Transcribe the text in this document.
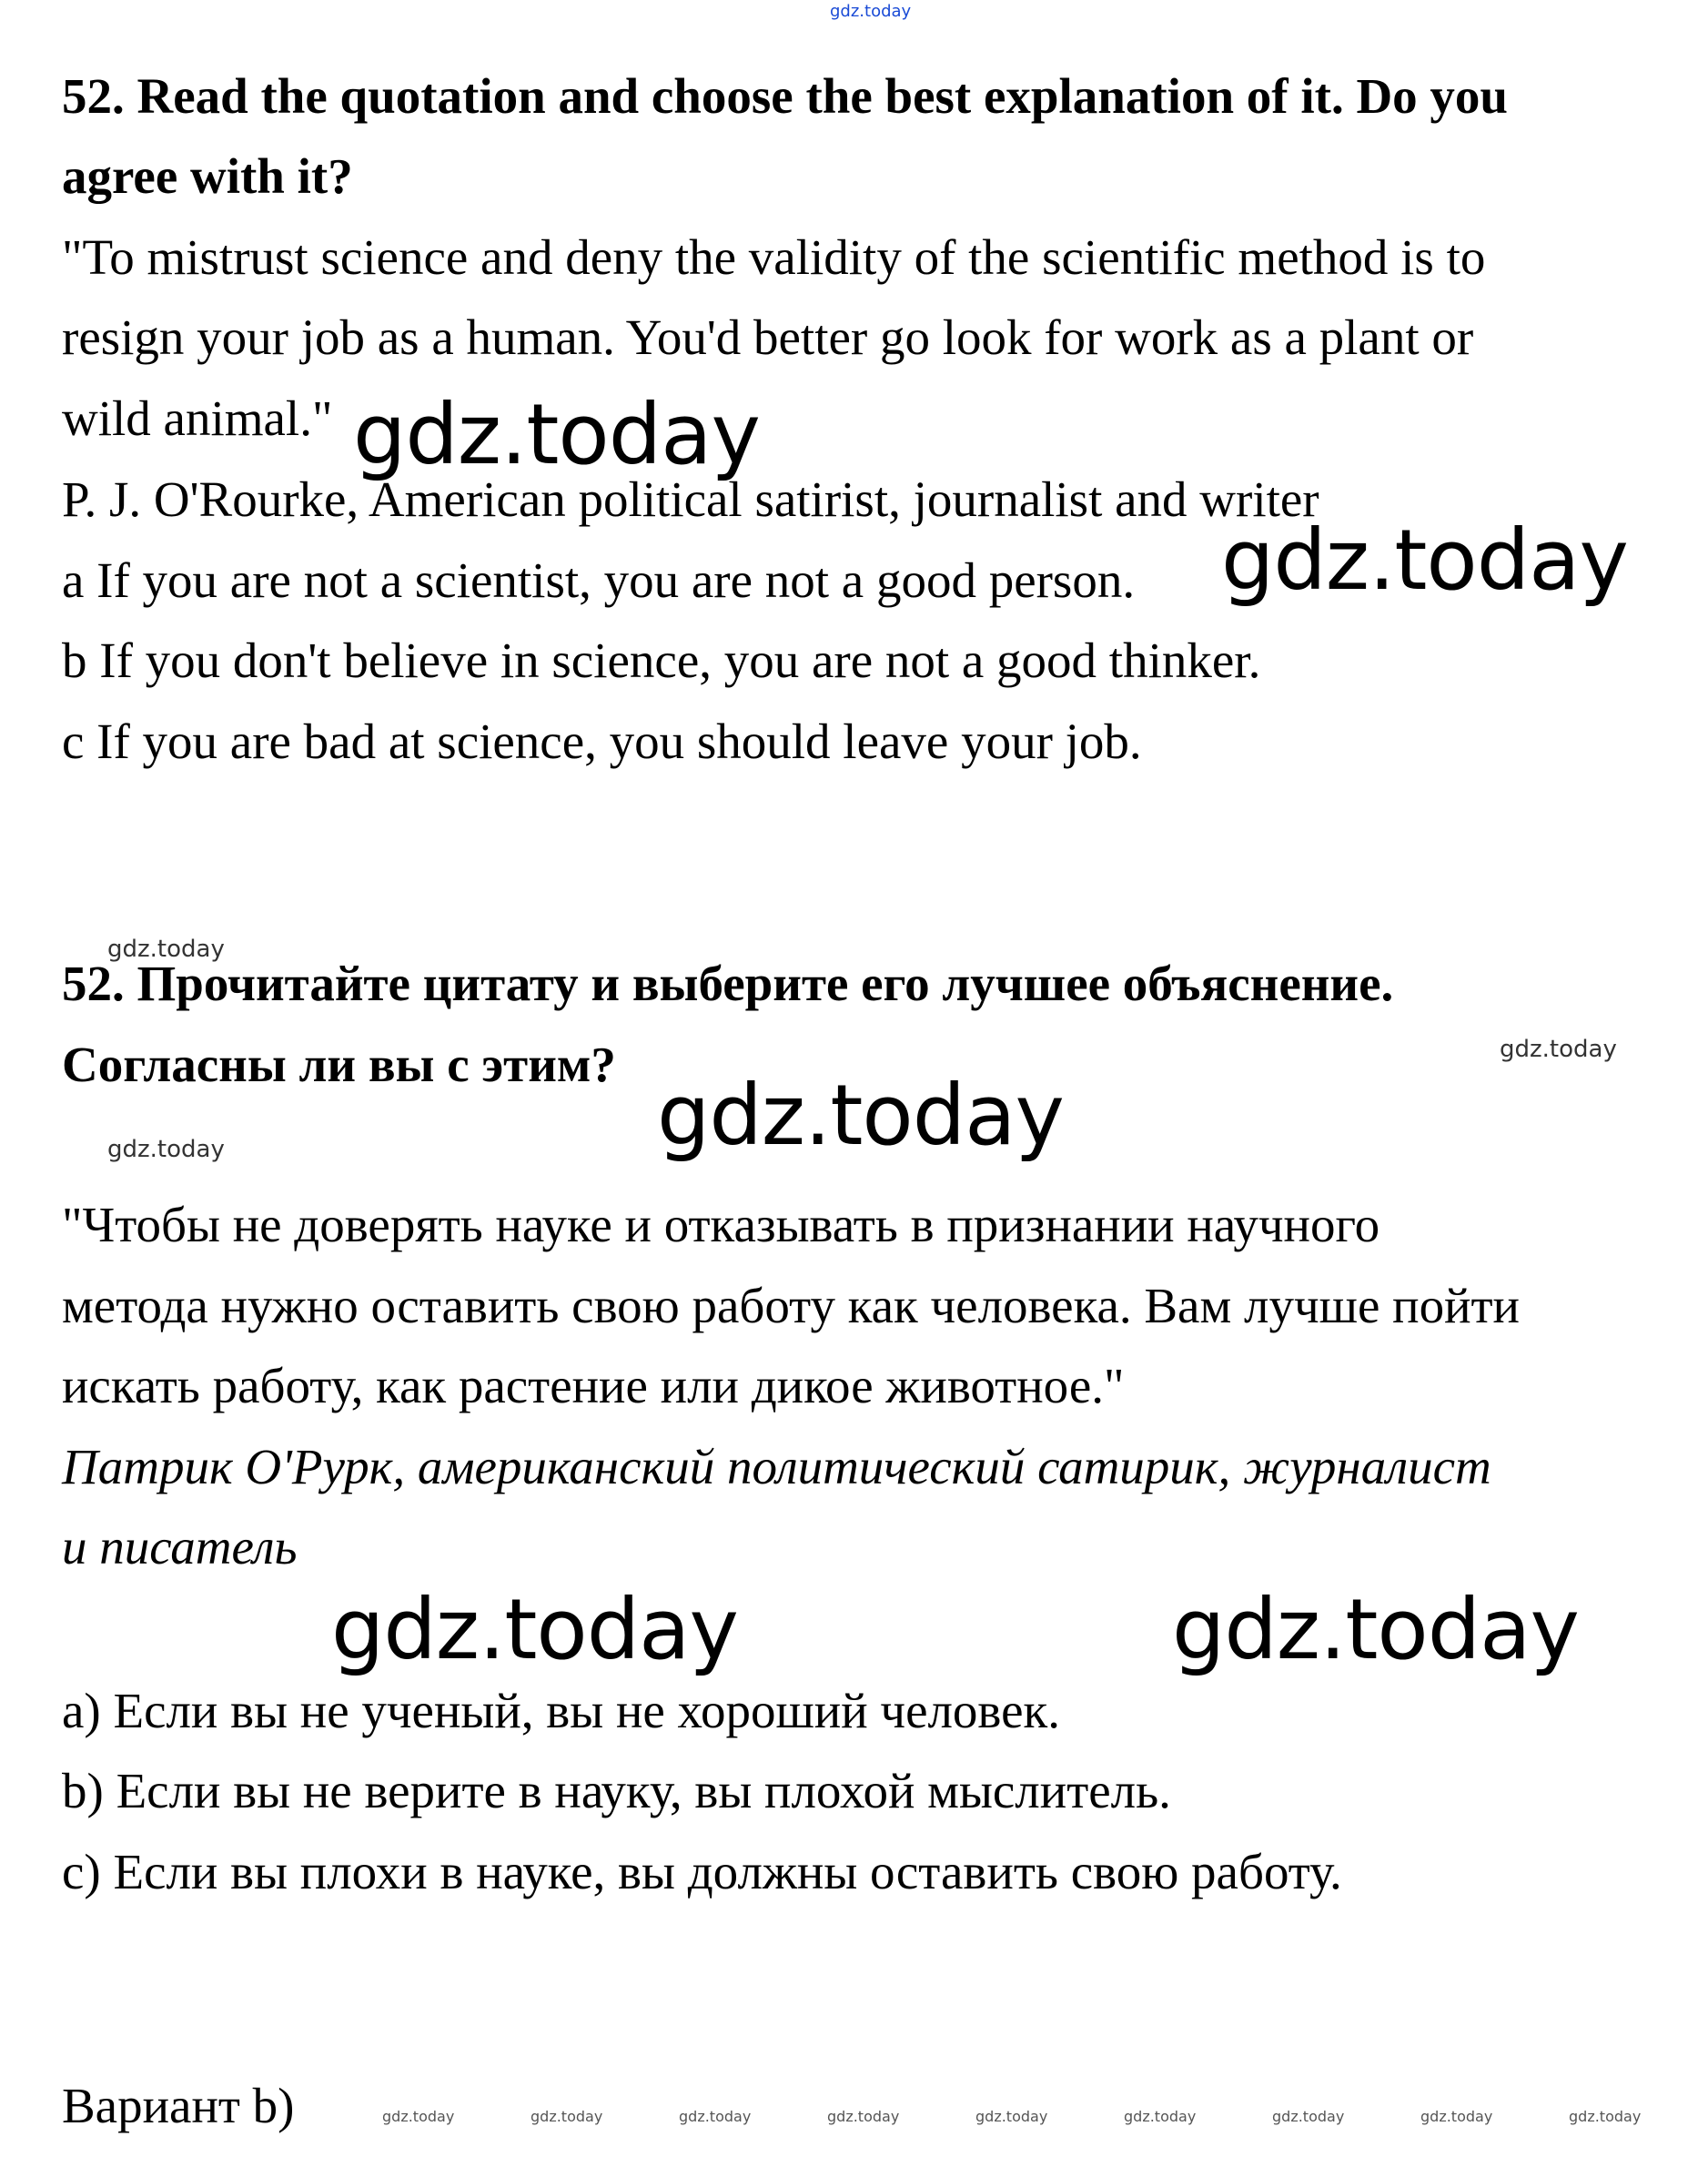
gdz.today
52. Read the quotation and choose the best explanation of it. Do you
agree with it?
"To mistrust science and deny the validity of the scientific method is to
resign your job as a human. You'd better go look for work as a plant or
wild animal."
P. J. O'Rourke, American political satirist, journalist and writer
a If you are not a scientist, you are not a good person.
b If you don't believe in science, you are not a good thinker.
c If you are bad at science, you should leave your job.
52. Прочитайте цитату и выберите его лучшее объяснение.
Согласны ли вы с этим?
"Чтобы не доверять науке и отказывать в признании научного
метода нужно оставить свою работу как человека. Вам лучше пойти
искать работу, как растение или дикое животное."
Патрик О'Рурк, американский политический сатирик, журналист
и писатель
a) Если вы не ученый, вы не хороший человек.
b) Если вы не верите в науку, вы плохой мыслитель.
c) Если вы плохи в науке, вы должны оставить свою работу.
Вариант b)
gdz.today
gdz.today
gdz.today
gdz.today	gdz.today
gdz.today
gdz.today
gdz.today
gdz.today	gdz.today	gdz.today	gdz.today	gdz.today	gdz.today	gdz.today	gdz.today	gdz.today
